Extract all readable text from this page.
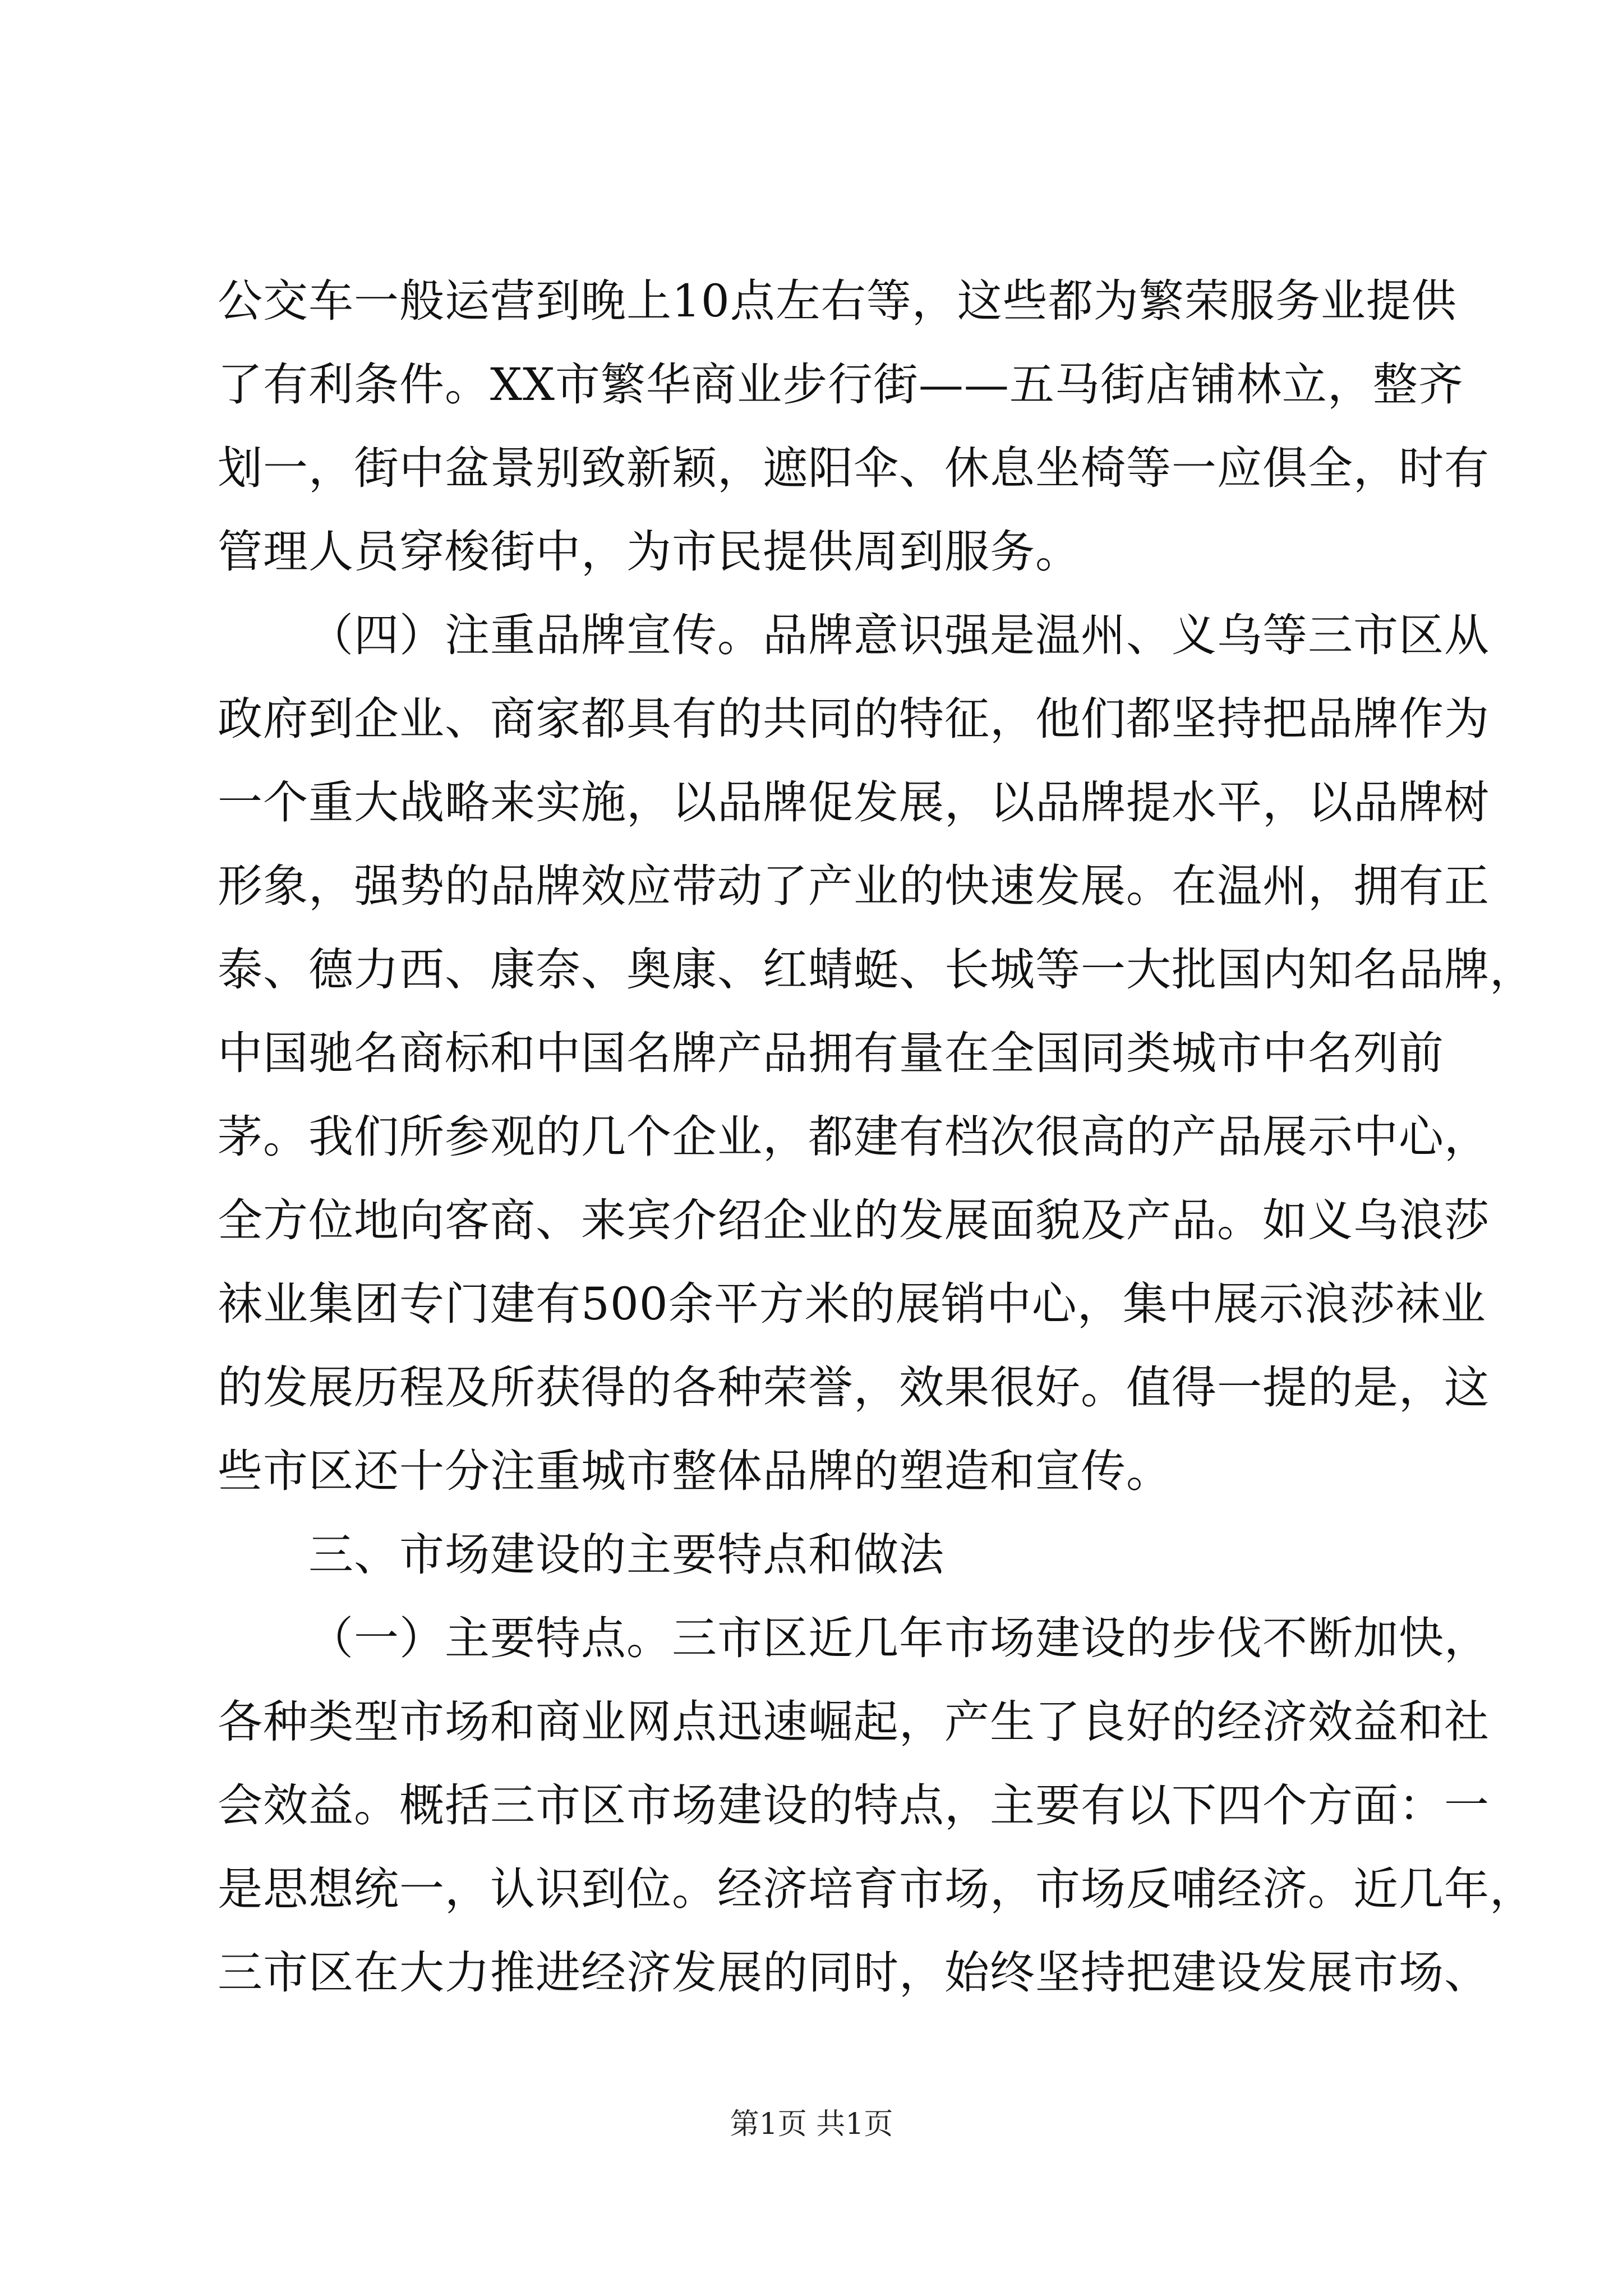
公交车一般运营到晚上10点左右等，这些都为繁荣服务业提供
了有利条件。XX市繁华商业步行街——五马街店铺林立，整齐
划一，街中盆景别致新颖，遮阳伞、休息坐椅等一应俱全，时有
管理人员穿梭街中，为市民提供周到服务。
（四）注重品牌宣传。品牌意识强是温州、义乌等三市区从
政府到企业、商家都具有的共同的特征，他们都坚持把品牌作为
一个重大战略来实施，以品牌促发展，以品牌提水平，以品牌树
形象，强势的品牌效应带动了产业的快速发展。在温州，拥有正
泰、德力西、康奈、奥康、红蜻蜓、长城等一大批国内知名品牌，
中国驰名商标和中国名牌产品拥有量在全国同类城市中名列前
茅。我们所参观的几个企业，都建有档次很高的产品展示中心，
全方位地向客商、来宾介绍企业的发展面貌及产品。如义乌浪莎
袜业集团专门建有500余平方米的展销中心，集中展示浪莎袜业
的发展历程及所获得的各种荣誉，效果很好。值得一提的是，这
些市区还十分注重城市整体品牌的塑造和宣传。
三、市场建设的主要特点和做法
（一）主要特点。三市区近几年市场建设的步伐不断加快，
各种类型市场和商业网点迅速崛起，产生了良好的经济效益和社
会效益。概括三市区市场建设的特点，主要有以下四个方面：一
是思想统一，认识到位。经济培育市场，市场反哺经济。近几年，
三市区在大力推进经济发展的同时，始终坚持把建设发展市场、
第1页 共1页
